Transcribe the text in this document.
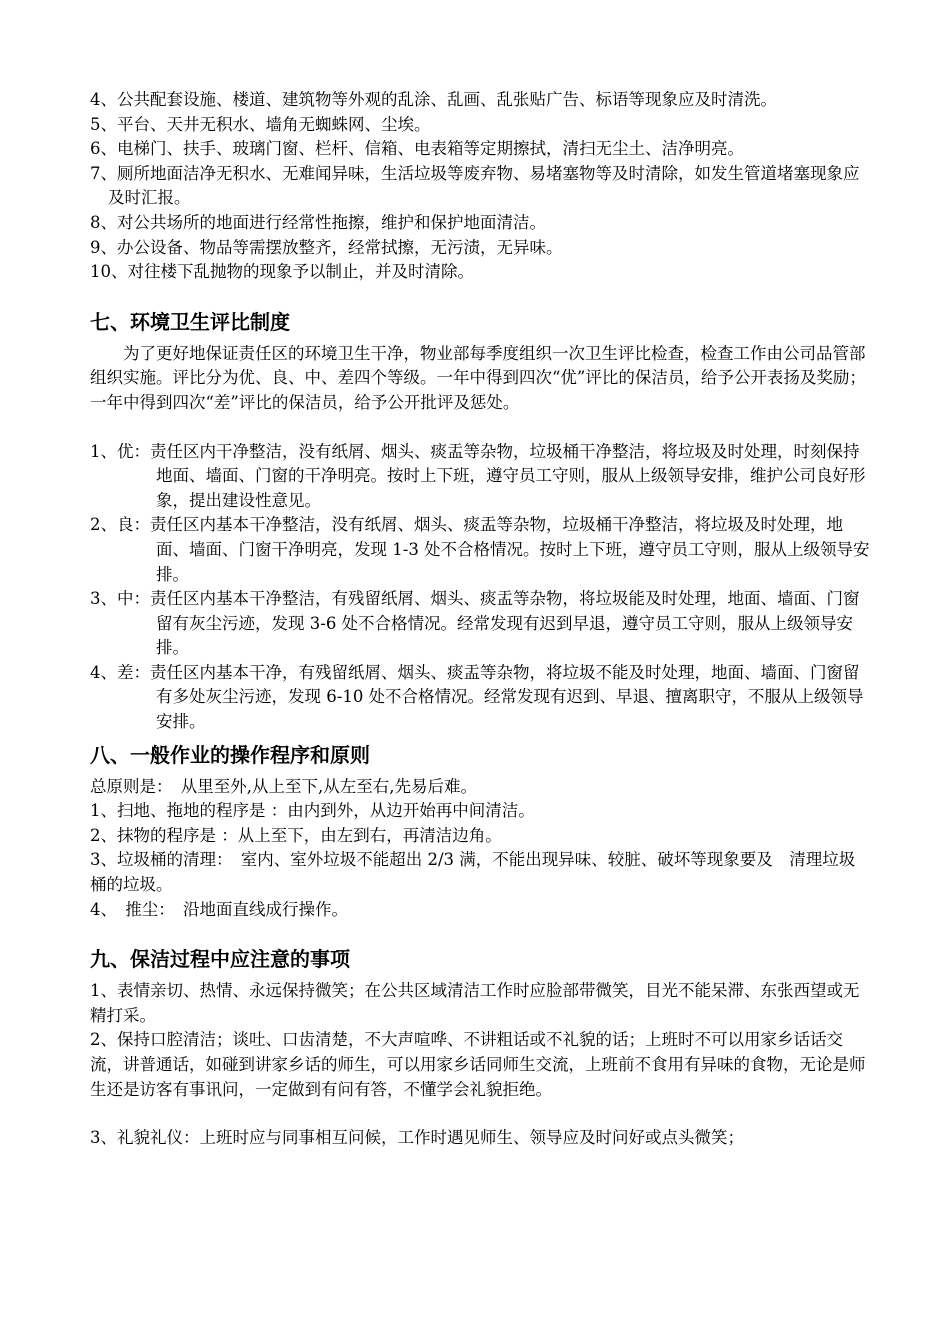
4、公共配套设施、楼道、建筑物等外观的乱涂、乱画、乱张贴广告、标语等现象应及时清洗。

5、平台、天井无积水、墙角无蜘蛛网、尘埃。

6、电梯门、扶手、玻璃门窗、栏杆、信箱、电表箱等定期擦拭，清扫无尘土、洁净明亮。

7、厕所地面洁净无积水、无难闻异味，生活垃圾等废弃物、易堵塞物等及时清除，如发生管道堵塞现象应及时汇报。

8、对公共场所的地面进行经常性拖擦，维护和保护地面清洁。

9、办公设备、物品等需摆放整齐，经常拭擦，无污渍，无异味。

10、对往楼下乱抛物的现象予以制止，并及时清除。

七、环境卫生评比制度

为了更好地保证责任区的环境卫生干净，物业部每季度组织一次卫生评比检查，检查工作由公司品管部组织实施。评比分为优、良、中、差四个等级。一年中得到四次“优”评比的保洁员，给予公开表扬及奖励；一年中得到四次“差”评比的保洁员，给予公开批评及惩处。

1、优：责任区内干净整洁，没有纸屑、烟头、痰盂等杂物，垃圾桶干净整洁，将垃圾及时处理，时刻保持地面、墙面、门窗的干净明亮。按时上下班，遵守员工守则，服从上级领导安排，维护公司良好形象，提出建设性意见。

2、良：责任区内基本干净整洁，没有纸屑、烟头、痰盂等杂物，垃圾桶干净整洁，将垃圾及时处理，地面、墙面、门窗干净明亮，发现 1-3 处不合格情况。按时上下班，遵守员工守则，服从上级领导安排。

3、中：责任区内基本干净整洁，有残留纸屑、烟头、痰盂等杂物，将垃圾能及时处理，地面、墙面、门窗留有灰尘污迹，发现 3-6 处不合格情况。经常发现有迟到早退，遵守员工守则，服从上级领导安排。

4、差：责任区内基本干净，有残留纸屑、烟头、痰盂等杂物，将垃圾不能及时处理，地面、墙面、门窗留有多处灰尘污迹，发现 6-10 处不合格情况。经常发现有迟到、早退、擅离职守，不服从上级领导安排。

八、一般作业的操作程序和原则

总原则是：　从里至外,从上至下,从左至右,先易后难。

1、扫地、拖地的程序是 ：由内到外，从边开始再中间清洁。

2、抹物的程序是 ：从上至下，由左到右，再清洁边角。

3、垃圾桶的清理：　室内、室外垃圾不能超出 2/3 满，不能出现异味、较脏、破坏等现象要及　清理垃圾桶的垃圾。

4、　推尘：　沿地面直线成行操作。

九、保洁过程中应注意的事项

1、表情亲切、热情、永远保持微笑；在公共区域清洁工作时应脸部带微笑，目光不能呆滞、东张西望或无精打采。

2、保持口腔清洁；谈吐、口齿清楚，不大声喧哗、不讲粗话或不礼貌的话；上班时不可以用家乡话话交流，讲普通话，如碰到讲家乡话的师生，可以用家乡话同师生交流，上班前不食用有异味的食物，无论是师生还是访客有事讯问，一定做到有问有答，不懂学会礼貌拒绝。

3、礼貌礼仪：上班时应与同事相互问候，工作时遇见师生、领导应及时问好或点头微笑；
